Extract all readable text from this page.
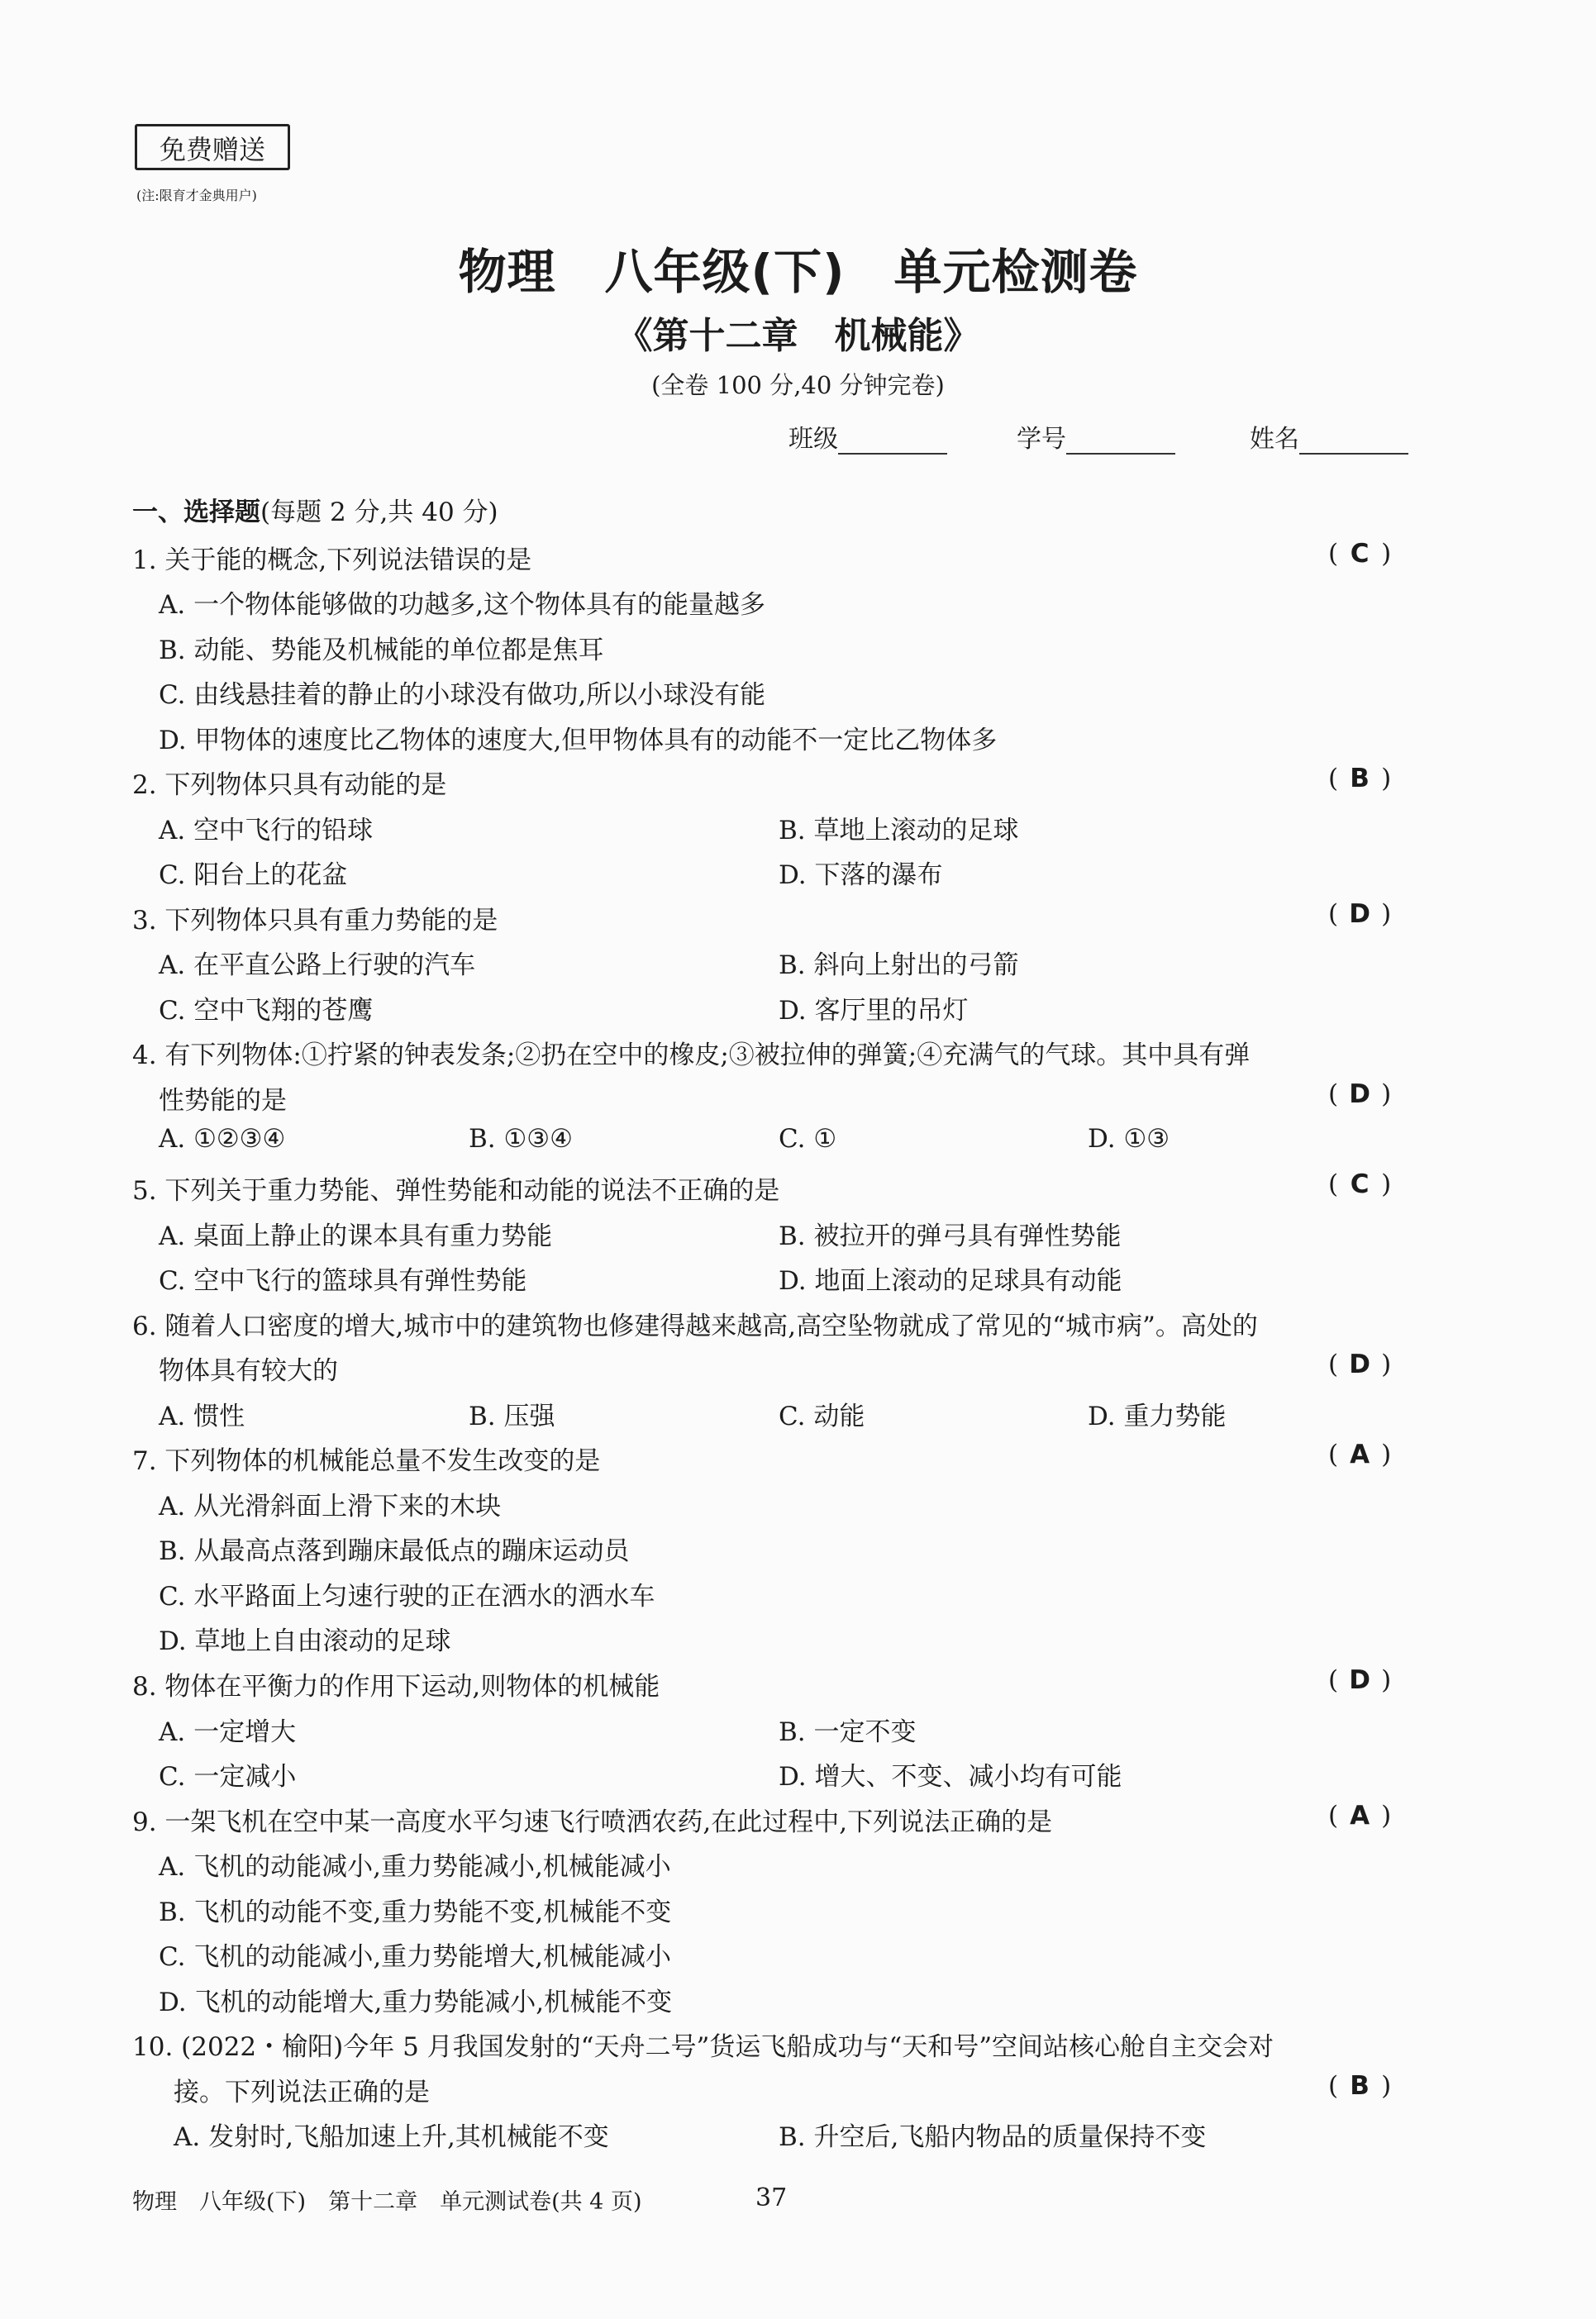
免费赠送
(注:限育才金典用户)
物理　八年级(下)　单元检测卷
《第十二章　机械能》
(全卷 100 分,40 分钟完卷)
班级	学号	姓名
一、选择题(每题 2 分,共 40 分)
1. 关于能的概念,下列说法错误的是	( C )
A. 一个物体能够做的功越多,这个物体具有的能量越多
B. 动能、势能及机械能的单位都是焦耳
C. 由线悬挂着的静止的小球没有做功,所以小球没有能
D. 甲物体的速度比乙物体的速度大,但甲物体具有的动能不一定比乙物体多
2. 下列物体只具有动能的是	( B )
A. 空中飞行的铅球	B. 草地上滚动的足球
C. 阳台上的花盆	D. 下落的瀑布
3. 下列物体只具有重力势能的是	( D )
A. 在平直公路上行驶的汽车	B. 斜向上射出的弓箭
C. 空中飞翔的苍鹰	D. 客厅里的吊灯
4. 有下列物体:①拧紧的钟表发条;②扔在空中的橡皮;③被拉伸的弹簧;④充满气的气球。其中具有弹
性势能的是	( D )
A. ①②③④	B. ①③④	C. ①	D. ①③
5. 下列关于重力势能、弹性势能和动能的说法不正确的是	( C )
A. 桌面上静止的课本具有重力势能	B. 被拉开的弹弓具有弹性势能
C. 空中飞行的篮球具有弹性势能	D. 地面上滚动的足球具有动能
6. 随着人口密度的增大,城市中的建筑物也修建得越来越高,高空坠物就成了常见的“城市病”。高处的
物体具有较大的	( D )
A. 惯性	B. 压强	C. 动能	D. 重力势能
7. 下列物体的机械能总量不发生改变的是	( A )
A. 从光滑斜面上滑下来的木块
B. 从最高点落到蹦床最低点的蹦床运动员
C. 水平路面上匀速行驶的正在洒水的洒水车
D. 草地上自由滚动的足球
8. 物体在平衡力的作用下运动,则物体的机械能	( D )
A. 一定增大	B. 一定不变
C. 一定减小	D. 增大、不变、减小均有可能
9. 一架飞机在空中某一高度水平匀速飞行喷洒农药,在此过程中,下列说法正确的是	( A )
A. 飞机的动能减小,重力势能减小,机械能减小
B. 飞机的动能不变,重力势能不变,机械能不变
C. 飞机的动能减小,重力势能增大,机械能减小
D. 飞机的动能增大,重力势能减小,机械能不变
10. (2022・榆阳)今年 5 月我国发射的“天舟二号”货运飞船成功与“天和号”空间站核心舱自主交会对
接。下列说法正确的是	( B )
A. 发射时,飞船加速上升,其机械能不变	B. 升空后,飞船内物品的质量保持不变
物理　八年级(下)　第十二章　单元测试卷(共 4 页)	37
